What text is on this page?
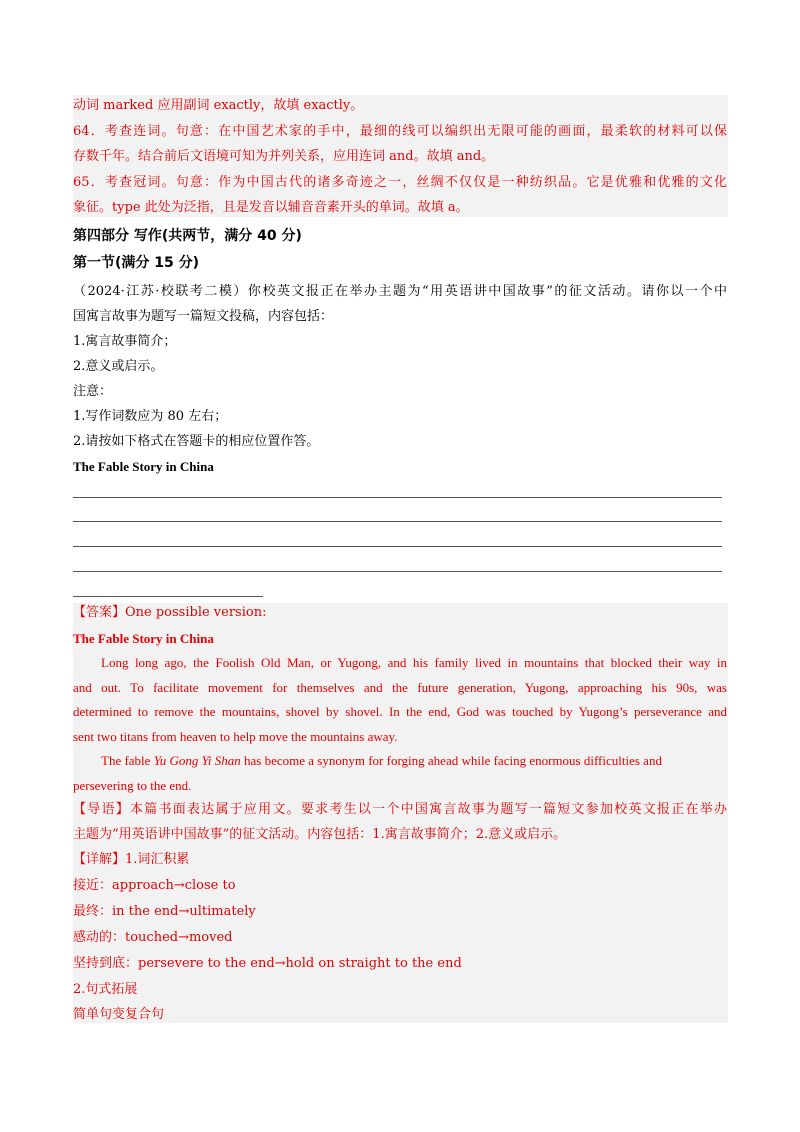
动词 marked 应用副词 exactly，故填 exactly。
64．考查连词。句意：在中国艺术家的手中，最细的线可以编织出无限可能的画面，最柔软的材料可以保
存数千年。结合前后文语境可知为并列关系，应用连词 and。故填 and。
65．考查冠词。句意：作为中国古代的诸多奇迹之一，丝绸不仅仅是一种纺织品。它是优雅和优雅的文化
象征。type 此处为泛指，且是发音以辅音音素开头的单词。故填 a。
第四部分 写作(共两节，满分 40 分)
第一节(满分 15 分)
（2024·江苏·校联考二模）你校英文报正在举办主题为“用英语讲中国故事”的征文活动。请你以一个中
国寓言故事为题写一篇短文投稿，内容包括：
1.寓言故事简介；
2.意义或启示。
注意：
1.写作词数应为 80 左右；
2.请按如下格式在答题卡的相应位置作答。
The Fable Story in China
【答案】One possible version:
The Fable Story in China
Long long ago, the Foolish Old Man, or Yugong, and his family lived in mountains that blocked their way in
and out. To facilitate movement for themselves and the future generation, Yugong, approaching his 90s, was
determined to remove the mountains, shovel by shovel. In the end, God was touched by Yugong’s perseverance and
sent two titans from heaven to help move the mountains away.
The fable Yu Gong Yi Shan has become a synonym for forging ahead while facing enormous difficulties and
persevering to the end.
【导语】本篇书面表达属于应用文。要求考生以一个中国寓言故事为题写一篇短文参加校英文报正在举办
主题为“用英语讲中国故事”的征文活动。内容包括：1.寓言故事简介；2.意义或启示。
【详解】1.词汇积累
接近：approach→close to
最终：in the end→ultimately
感动的：touched→moved
坚持到底：persevere to the end→hold on straight to the end
2.句式拓展
简单句变复合句
